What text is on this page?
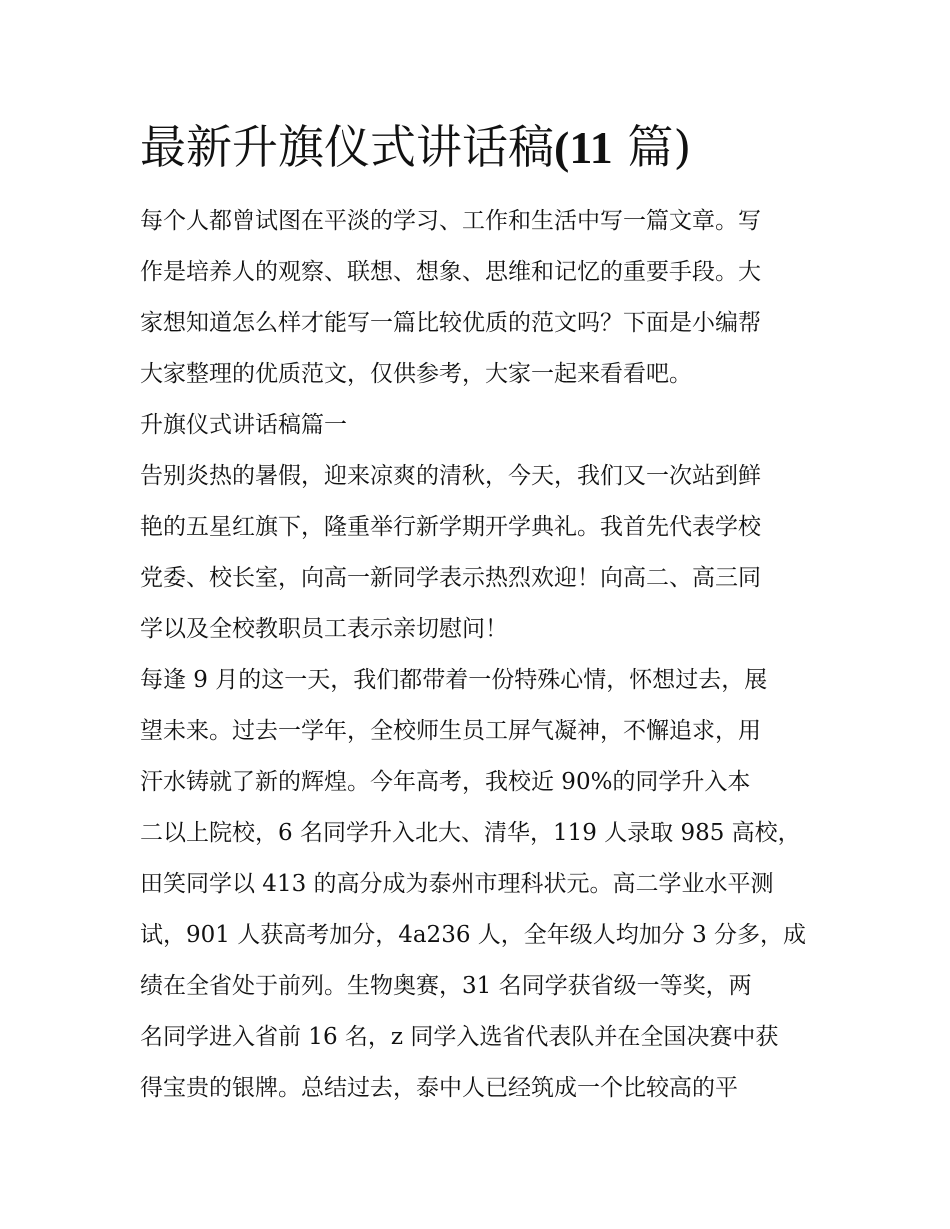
最新升旗仪式讲话稿(11 篇)
每个人都曾试图在平淡的学习、工作和生活中写一篇文章。写
作是培养人的观察、联想、想象、思维和记忆的重要手段。大
家想知道怎么样才能写一篇比较优质的范文吗？下面是小编帮
大家整理的优质范文，仅供参考，大家一起来看看吧。
升旗仪式讲话稿篇一
告别炎热的暑假，迎来凉爽的清秋，今天，我们又一次站到鲜
艳的五星红旗下，隆重举行新学期开学典礼。我首先代表学校
党委、校长室，向高一新同学表示热烈欢迎！向高二、高三同
学以及全校教职员工表示亲切慰问！
每逢 9 月的这一天，我们都带着一份特殊心情，怀想过去，展
望未来。过去一学年，全校师生员工屏气凝神，不懈追求，用
汗水铸就了新的辉煌。今年高考，我校近 90%的同学升入本
二以上院校，6 名同学升入北大、清华，119 人录取 985 高校，
田笑同学以 413 的高分成为泰州市理科状元。高二学业水平测
试，901 人获高考加分，4a236 人，全年级人均加分 3 分多，成
绩在全省处于前列。生物奥赛，31 名同学获省级一等奖，两
名同学进入省前 16 名，z 同学入选省代表队并在全国决赛中获
得宝贵的银牌。总结过去，泰中人已经筑成一个比较高的平
